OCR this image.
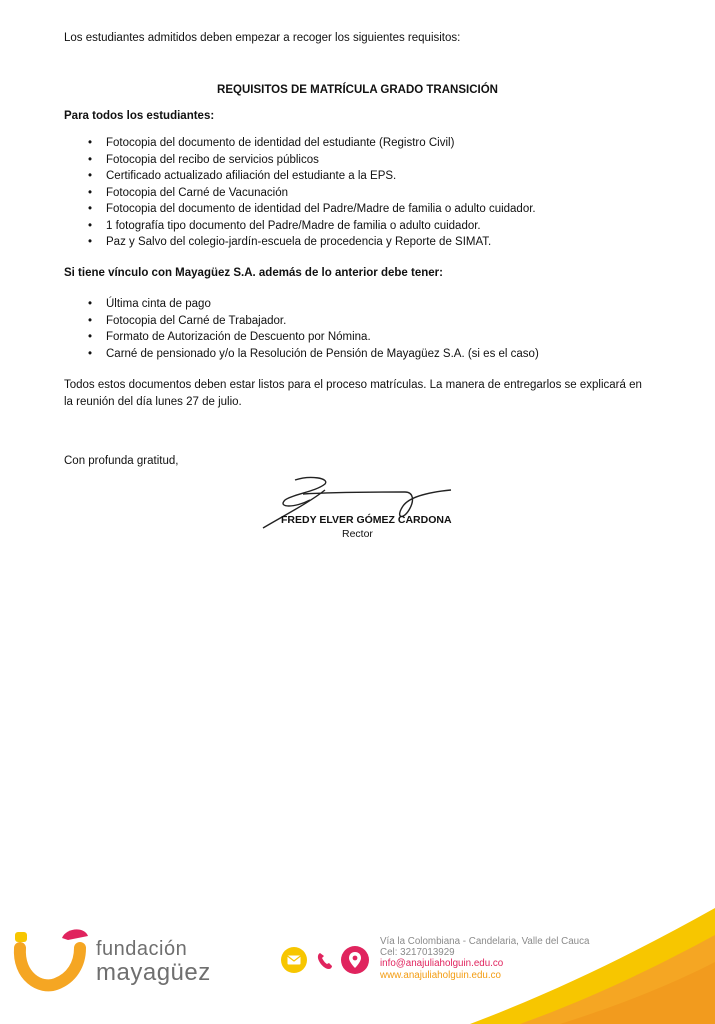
Los estudiantes admitidos deben empezar a recoger los siguientes requisitos:

REQUISITOS DE MATRÍCULA GRADO TRANSICIÓN

Para todos los estudiantes:

• Fotocopia del documento de identidad del estudiante (Registro Civil)
• Fotocopia del recibo de servicios públicos
• Certificado actualizado afiliación del estudiante a la EPS.
• Fotocopia del Carné de Vacunación
• Fotocopia del documento de identidad del Padre/Madre de familia o adulto cuidador.
• 1 fotografía tipo documento del Padre/Madre de familia o adulto cuidador.
• Paz y Salvo del colegio-jardín-escuela de procedencia y Reporte de SIMAT.

Si tiene vínculo con Mayagüez S.A. además de lo anterior debe tener:

• Última cinta de pago
• Fotocopia del Carné de Trabajador.
• Formato de Autorización de Descuento por Nómina.
• Carné de pensionado y/o la Resolución de Pensión de Mayagüez S.A. (si es el caso)

Todos estos documentos deben estar listos para el proceso matrículas. La manera de entregarlos se explicará en

la reunión del día lunes 27 de julio.

Con profunda gratitud,

FREDY ELVER GÓMEZ CARDONA

Rector

fundación
mayagüez
Vía la Colombiana - Candelaria, Valle del Cauca
Cel: 3217013929
info@anajuliaholguin.edu.co
www.anajuliaholguin.edu.co
